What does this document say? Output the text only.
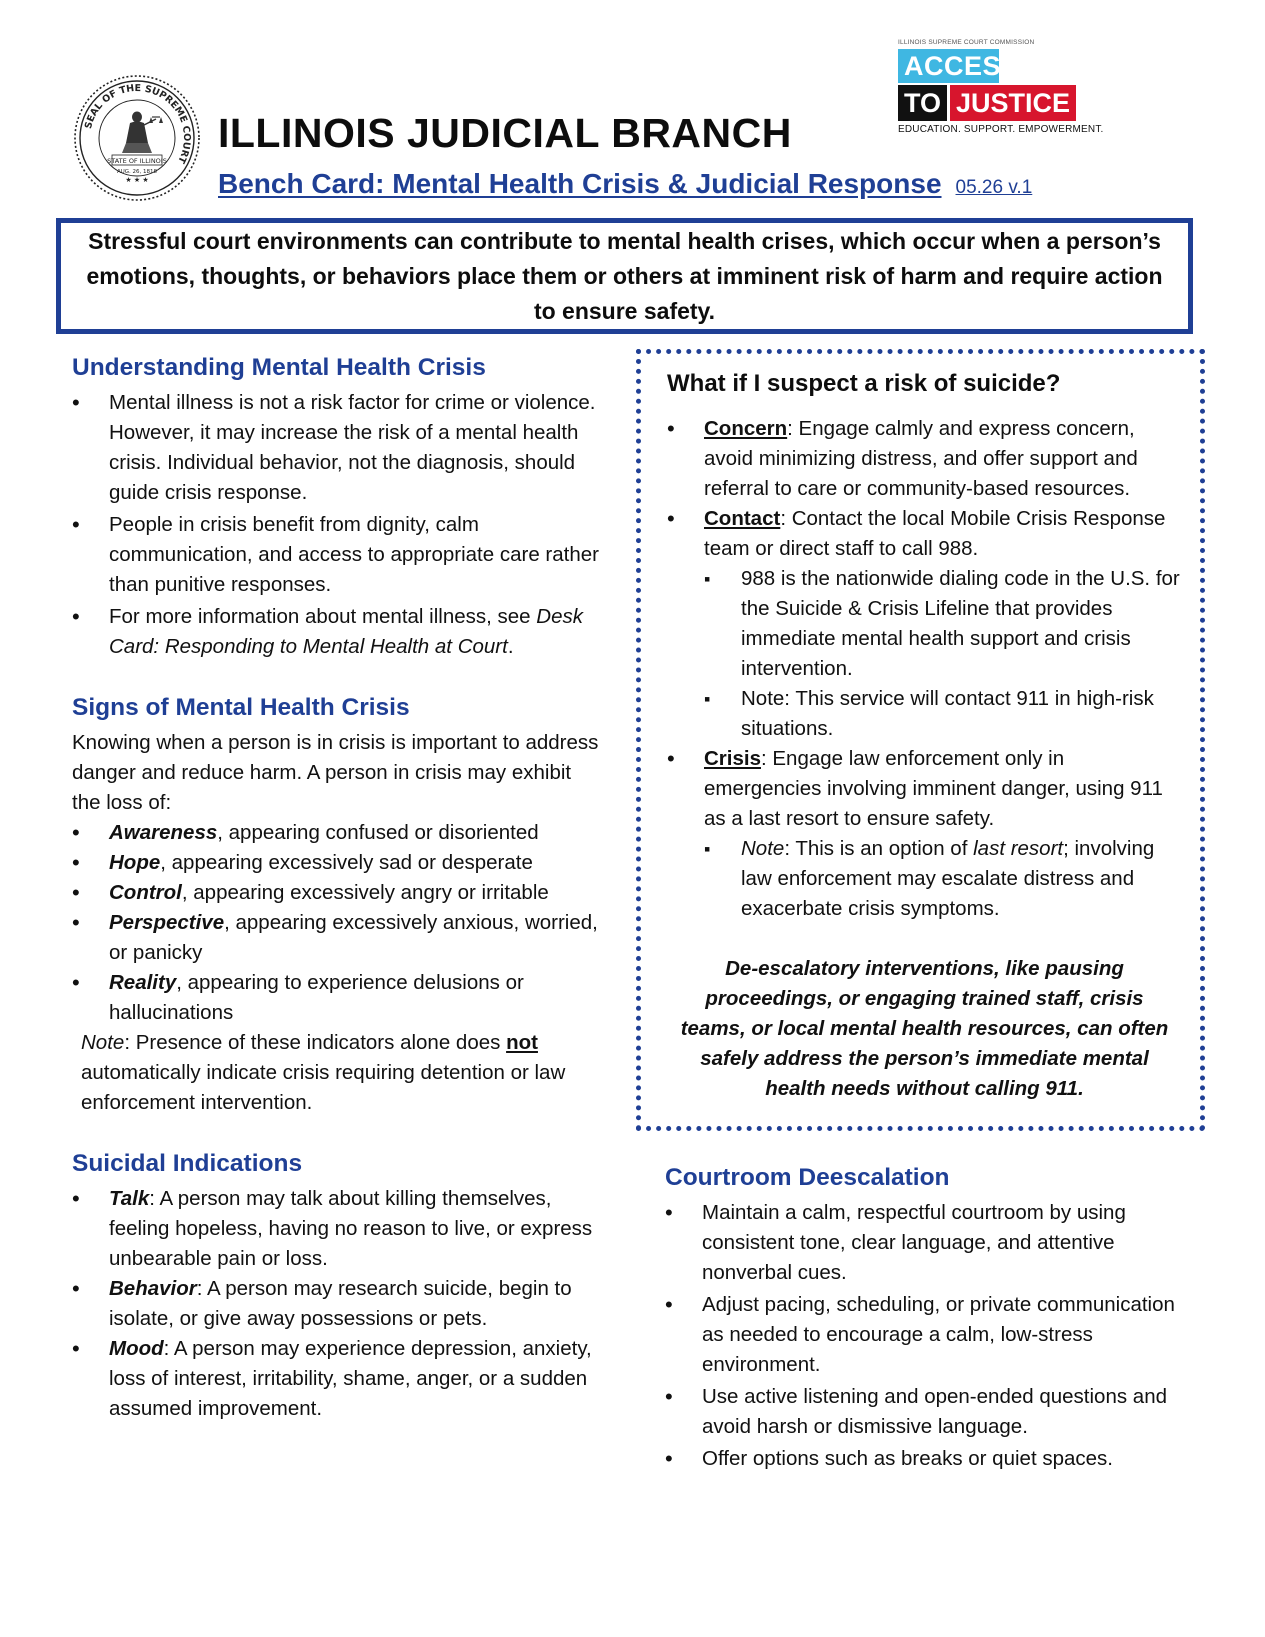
SEAL OF THE SUPREME COURT
STATE OF ILLINOIS
AUG. 26, 1818
★ ★ ★
ILLINOIS JUDICIAL BRANCH
Bench Card: Mental Health Crisis & Judicial Response 05.26 v.1
ILLINOIS SUPREME COURT COMMISSION
ACCESS
TO JUSTICE
EDUCATION. SUPPORT. EMPOWERMENT.

Stressful court environments can contribute to mental health crises, which occur when a person’s emotions, thoughts, or behaviors place them or others at imminent risk of harm and require action to ensure safety.

Understanding Mental Health Crisis
• Mental illness is not a risk factor for crime or violence. However, it may increase the risk of a mental health crisis. Individual behavior, not the diagnosis, should guide crisis response.
• People in crisis benefit from dignity, calm communication, and access to appropriate care rather than punitive responses.
• For more information about mental illness, see Desk Card: Responding to Mental Health at Court.
Signs of Mental Health Crisis

Knowing when a person is in crisis is important to address danger and reduce harm. A person in crisis may exhibit the loss of:

• Awareness, appearing confused or disoriented
• Hope, appearing excessively sad or desperate
• Control, appearing excessively angry or irritable
• Perspective, appearing excessively anxious, worried, or panicky
• Reality, appearing to experience delusions or hallucinations

Note: Presence of these indicators alone does not automatically indicate crisis requiring detention or law enforcement intervention.

Suicidal Indications
• Talk: A person may talk about killing themselves, feeling hopeless, having no reason to live, or express unbearable pain or loss.
• Behavior: A person may research suicide, begin to isolate, or give away possessions or pets.
• Mood: A person may experience depression, anxiety, loss of interest, irritability, shame, anger, or a sudden assumed improvement.
What if I suspect a risk of suicide?
• Concern: Engage calmly and express concern, avoid minimizing distress, and offer support and referral to care or community-based resources.
• Contact: Contact the local Mobile Crisis Response team or direct staff to call 988.
▪ 988 is the nationwide dialing code in the U.S. for the Suicide & Crisis Lifeline that provides immediate mental health support and crisis intervention.
▪ Note: This service will contact 911 in high-risk situations.
• Crisis: Engage law enforcement only in emergencies involving imminent danger, using 911 as a last resort to ensure safety.
▪ Note: This is an option of last resort; involving law enforcement may escalate distress and exacerbate crisis symptoms.

De-escalatory interventions, like pausing proceedings, or engaging trained staff, crisis teams, or local mental health resources, can often safely address the person’s immediate mental health needs without calling 911.

Courtroom Deescalation
• Maintain a calm, respectful courtroom by using consistent tone, clear language, and attentive nonverbal cues.
• Adjust pacing, scheduling, or private communication as needed to encourage a calm, low-stress environment.
• Use active listening and open-ended questions and avoid harsh or dismissive language.
• Offer options such as breaks or quiet spaces.
